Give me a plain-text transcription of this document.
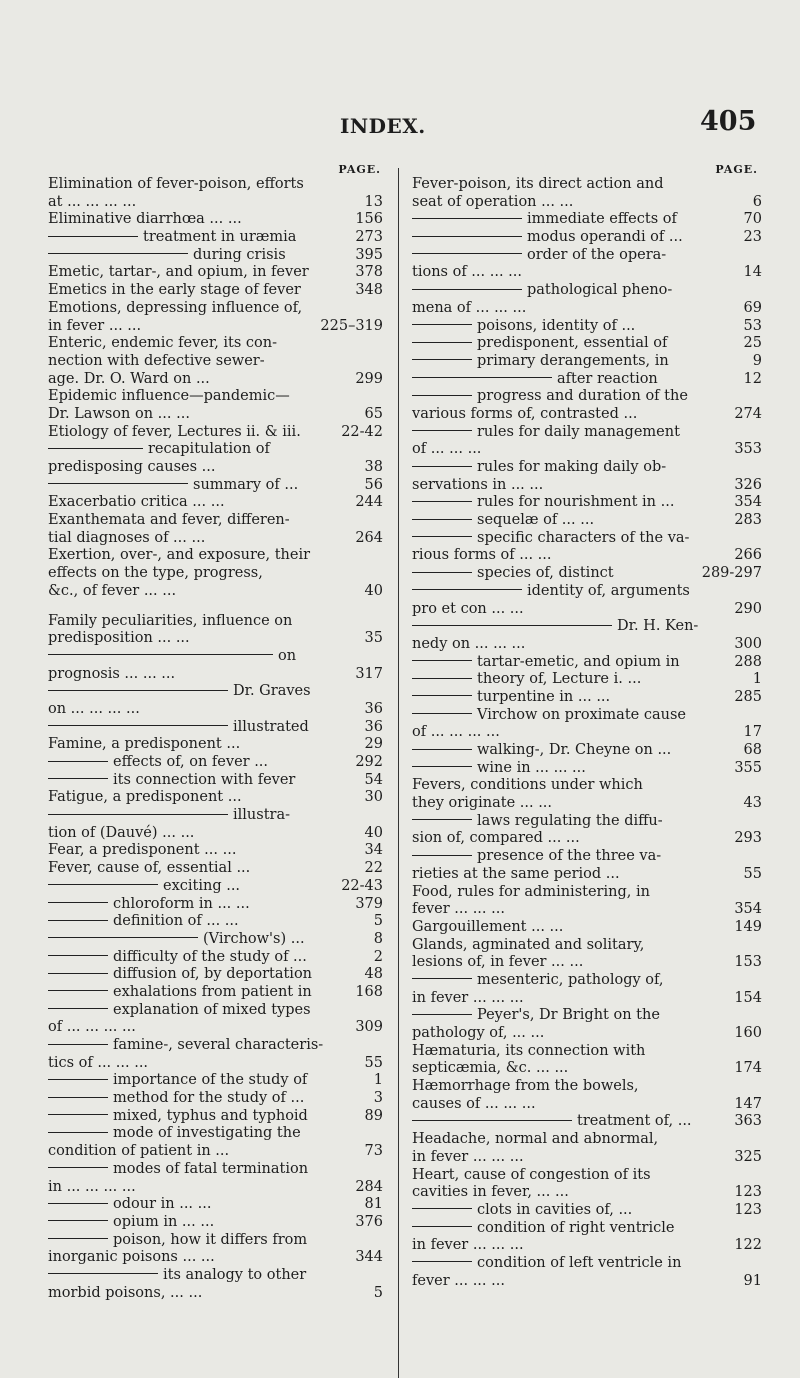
INDEX.	405
PAGE.
Elimination of fever-poison, efforts
at ... ... ... ...	13
Eliminative diarrhœa ... ...	156
treatment in uræmia	273
during crisis	395
Emetic, tartar-, and opium, in fever	378
Emetics in the early stage of fever	348
Emotions, depressing influence of,
in fever ... ...	225–319
Enteric, endemic fever, its con-
nection with defective sewer-
age. Dr. O. Ward on ...	299
Epidemic influence—pandemic—
Dr. Lawson on ... ...	65
Etiology of fever, Lectures ii. & iii.	22-42
recapitulation of
predisposing causes ...	38
summary of ...	56
Exacerbatio critica ... ...	244
Exanthemata and fever, differen-
tial diagnoses of ... ...	264
Exertion, over-, and exposure, their
effects on the type, progress,
&c., of fever ... ...	40
Family peculiarities, influence on
predisposition ... ...	35
on
prognosis ... ... ...	317
Dr. Graves
on ... ... ... ...	36
illustrated	36
Famine, a predisponent ...	29
effects of, on fever ...	292
its connection with fever	54
Fatigue, a predisponent ...	30
illustra-
tion of (Dauvé) ... ...	40
Fear, a predisponent ... ...	34
Fever, cause of, essential ...	22
exciting ...	22-43
chloroform in ... ...	379
definition of ... ...	5
(Virchow's) ...	8
difficulty of the study of ...	2
diffusion of, by deportation	48
exhalations from patient in	168
explanation of mixed types
of ... ... ... ...	309
famine-, several characteris-
tics of ... ... ...	55
importance of the study of	1
method for the study of ...	3
mixed, typhus and typhoid	89
mode of investigating the
condition of patient in ...	73
modes of fatal termination
in ... ... ... ...	284
odour in ... ...	81
opium in ... ...	376
poison, how it differs from
inorganic poisons ... ...	344
its analogy to other
morbid poisons, ... ...	5
PAGE.
Fever-poison, its direct action and
seat of operation ... ...	6
immediate effects of	70
modus operandi of ...	23
order of the opera-
tions of ... ... ...	14
pathological pheno-
mena of ... ... ...	69
poisons, identity of ...	53
predisponent, essential of	25
primary derangements, in	9
after reaction	12
progress and duration of the
various forms of, contrasted ...	274
rules for daily management
of ... ... ...	353
rules for making daily ob-
servations in ... ...	326
rules for nourishment in ...	354
sequelæ of ... ...	283
specific characters of the va-
rious forms of ... ...	266
species of, distinct	289-297
identity of, arguments
pro et con ... ...	290
Dr. H. Ken-
nedy on ... ... ...	300
tartar-emetic, and opium in	288
theory of, Lecture i. ...	1
turpentine in ... ...	285
Virchow on proximate cause
of ... ... ... ...	17
walking-, Dr. Cheyne on ...	68
wine in ... ... ...	355
Fevers, conditions under which
they originate ... ...	43
laws regulating the diffu-
sion of, compared ... ...	293
presence of the three va-
rieties at the same period ...	55
Food, rules for administering, in
fever ... ... ...	354
Gargouillement ... ...	149
Glands, agminated and solitary,
lesions of, in fever ... ...	153
mesenteric, pathology of,
in fever ... ... ...	154
Peyer's, Dr Bright on the
pathology of, ... ...	160
Hæmaturia, its connection with
septicæmia, &c. ... ...	174
Hæmorrhage from the bowels,
causes of ... ... ...	147
treatment of, ...	363
Headache, normal and abnormal,
in fever ... ... ...	325
Heart, cause of congestion of its
cavities in fever, ... ...	123
clots in cavities of, ...	123
condition of right ventricle
in fever ... ... ...	122
condition of left ventricle in
fever ... ... ...	91
